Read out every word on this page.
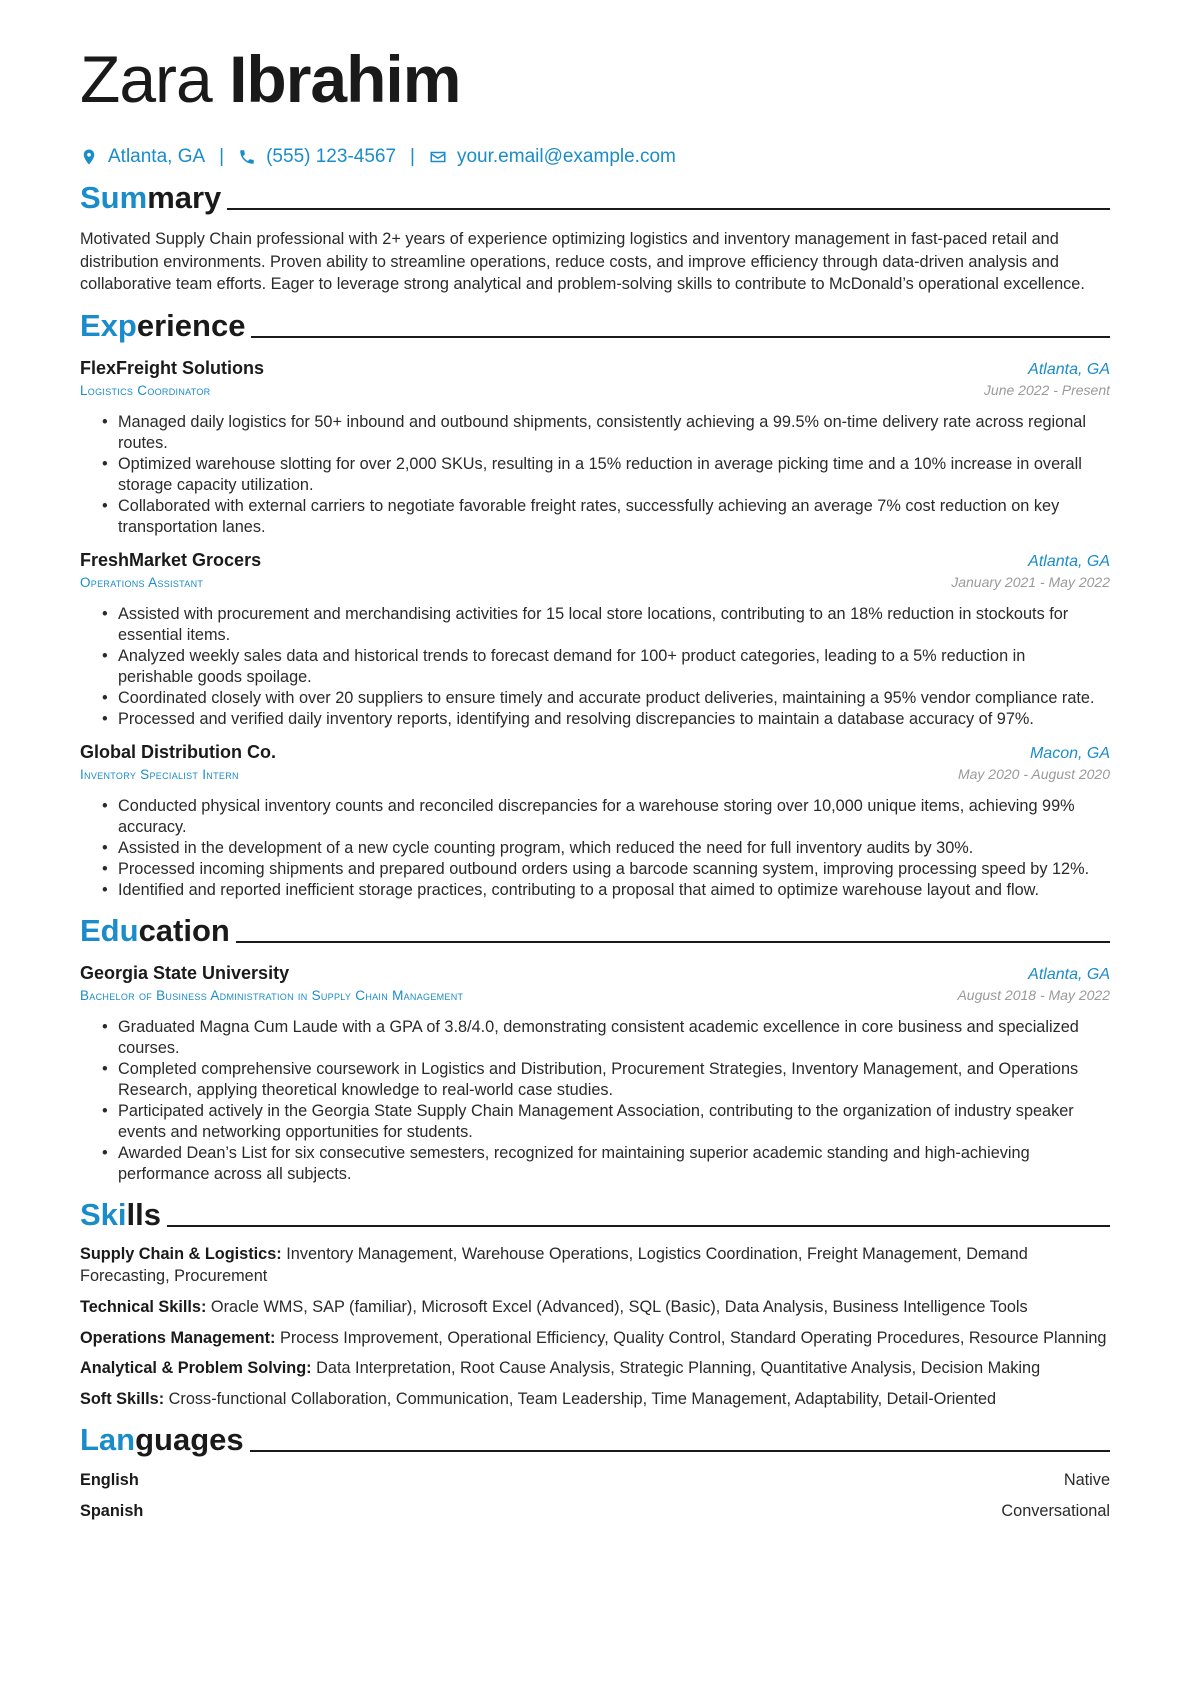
Zara Ibrahim
Atlanta, GA | (555) 123-4567 | your.email@example.com
Summary
Motivated Supply Chain professional with 2+ years of experience optimizing logistics and inventory management in fast-paced retail and distribution environments. Proven ability to streamline operations, reduce costs, and improve efficiency through data-driven analysis and collaborative team efforts. Eager to leverage strong analytical and problem-solving skills to contribute to McDonald’s operational excellence.
Experience
FlexFreight Solutions	Atlanta, GA
Logistics Coordinator	June 2022 - Present
• Managed daily logistics for 50+ inbound and outbound shipments, consistently achieving a 99.5% on-time delivery rate across regional routes.
• Optimized warehouse slotting for over 2,000 SKUs, resulting in a 15% reduction in average picking time and a 10% increase in overall storage capacity utilization.
• Collaborated with external carriers to negotiate favorable freight rates, successfully achieving an average 7% cost reduction on key transportation lanes.
FreshMarket Grocers	Atlanta, GA
Operations Assistant	January 2021 - May 2022
• Assisted with procurement and merchandising activities for 15 local store locations, contributing to an 18% reduction in stockouts for essential items.
• Analyzed weekly sales data and historical trends to forecast demand for 100+ product categories, leading to a 5% reduction in perishable goods spoilage.
• Coordinated closely with over 20 suppliers to ensure timely and accurate product deliveries, maintaining a 95% vendor compliance rate.
• Processed and verified daily inventory reports, identifying and resolving discrepancies to maintain a database accuracy of 97%.
Global Distribution Co.	Macon, GA
Inventory Specialist Intern	May 2020 - August 2020
• Conducted physical inventory counts and reconciled discrepancies for a warehouse storing over 10,000 unique items, achieving 99% accuracy.
• Assisted in the development of a new cycle counting program, which reduced the need for full inventory audits by 30%.
• Processed incoming shipments and prepared outbound orders using a barcode scanning system, improving processing speed by 12%.
• Identified and reported inefficient storage practices, contributing to a proposal that aimed to optimize warehouse layout and flow.
Education
Georgia State University	Atlanta, GA
Bachelor of Business Administration in Supply Chain Management	August 2018 - May 2022
• Graduated Magna Cum Laude with a GPA of 3.8/4.0, demonstrating consistent academic excellence in core business and specialized courses.
• Completed comprehensive coursework in Logistics and Distribution, Procurement Strategies, Inventory Management, and Operations Research, applying theoretical knowledge to real-world case studies.
• Participated actively in the Georgia State Supply Chain Management Association, contributing to the organization of industry speaker events and networking opportunities for students.
• Awarded Dean’s List for six consecutive semesters, recognized for maintaining superior academic standing and high-achieving performance across all subjects.
Skills
Supply Chain & Logistics: Inventory Management, Warehouse Operations, Logistics Coordination, Freight Management, Demand Forecasting, Procurement
Technical Skills: Oracle WMS, SAP (familiar), Microsoft Excel (Advanced), SQL (Basic), Data Analysis, Business Intelligence Tools
Operations Management: Process Improvement, Operational Efficiency, Quality Control, Standard Operating Procedures, Resource Planning
Analytical & Problem Solving: Data Interpretation, Root Cause Analysis, Strategic Planning, Quantitative Analysis, Decision Making
Soft Skills: Cross-functional Collaboration, Communication, Team Leadership, Time Management, Adaptability, Detail-Oriented
Languages
English	Native
Spanish	Conversational
